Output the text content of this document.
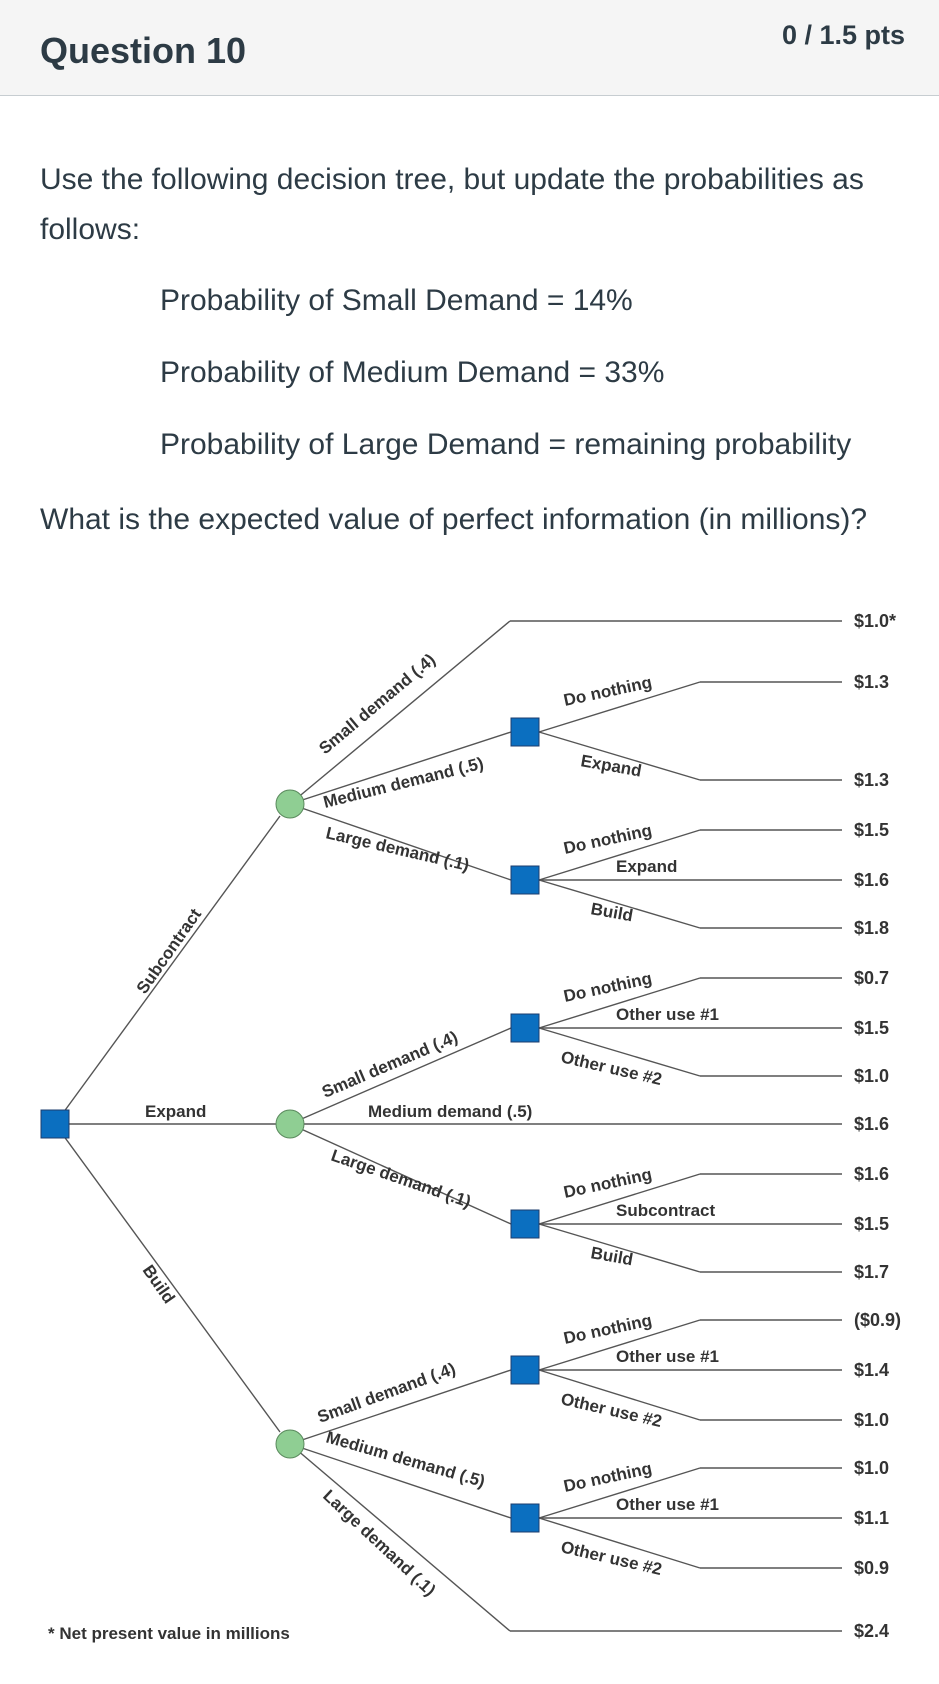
Question 10	0 / 1.5 pts

Use the following decision tree, but update the probabilities as follows:

Probability of Small Demand = 14%

Probability of Medium Demand = 33%

Probability of Large Demand = remaining probability

What is the expected value of perfect information (in millions)?

Subcontract
Expand
Build
$1.0*
Small demand (.4)
Medium demand (.5)
$1.3
Do nothing
$1.3
Expand
Large demand (.1)	$1.5
Do nothing
$1.6
Expand
$1.8
Build
Small demand (.4)
$0.7
Do nothing
$1.5
Other use #1
$1.0
Other use #2
$1.6
Medium demand (.5)
Large demand (.1)	$1.6
Do nothing
$1.5
Subcontract
$1.7
Build
Small demand (.4)
($0.9)
Do nothing
$1.4
Other use #1
$1.0
Other use #2
Medium demand (.5)	$1.0
Do nothing
$1.1
Other use #1
$0.9
Other use #2
$2.4
Large demand (.1)
* Net present value in millions
